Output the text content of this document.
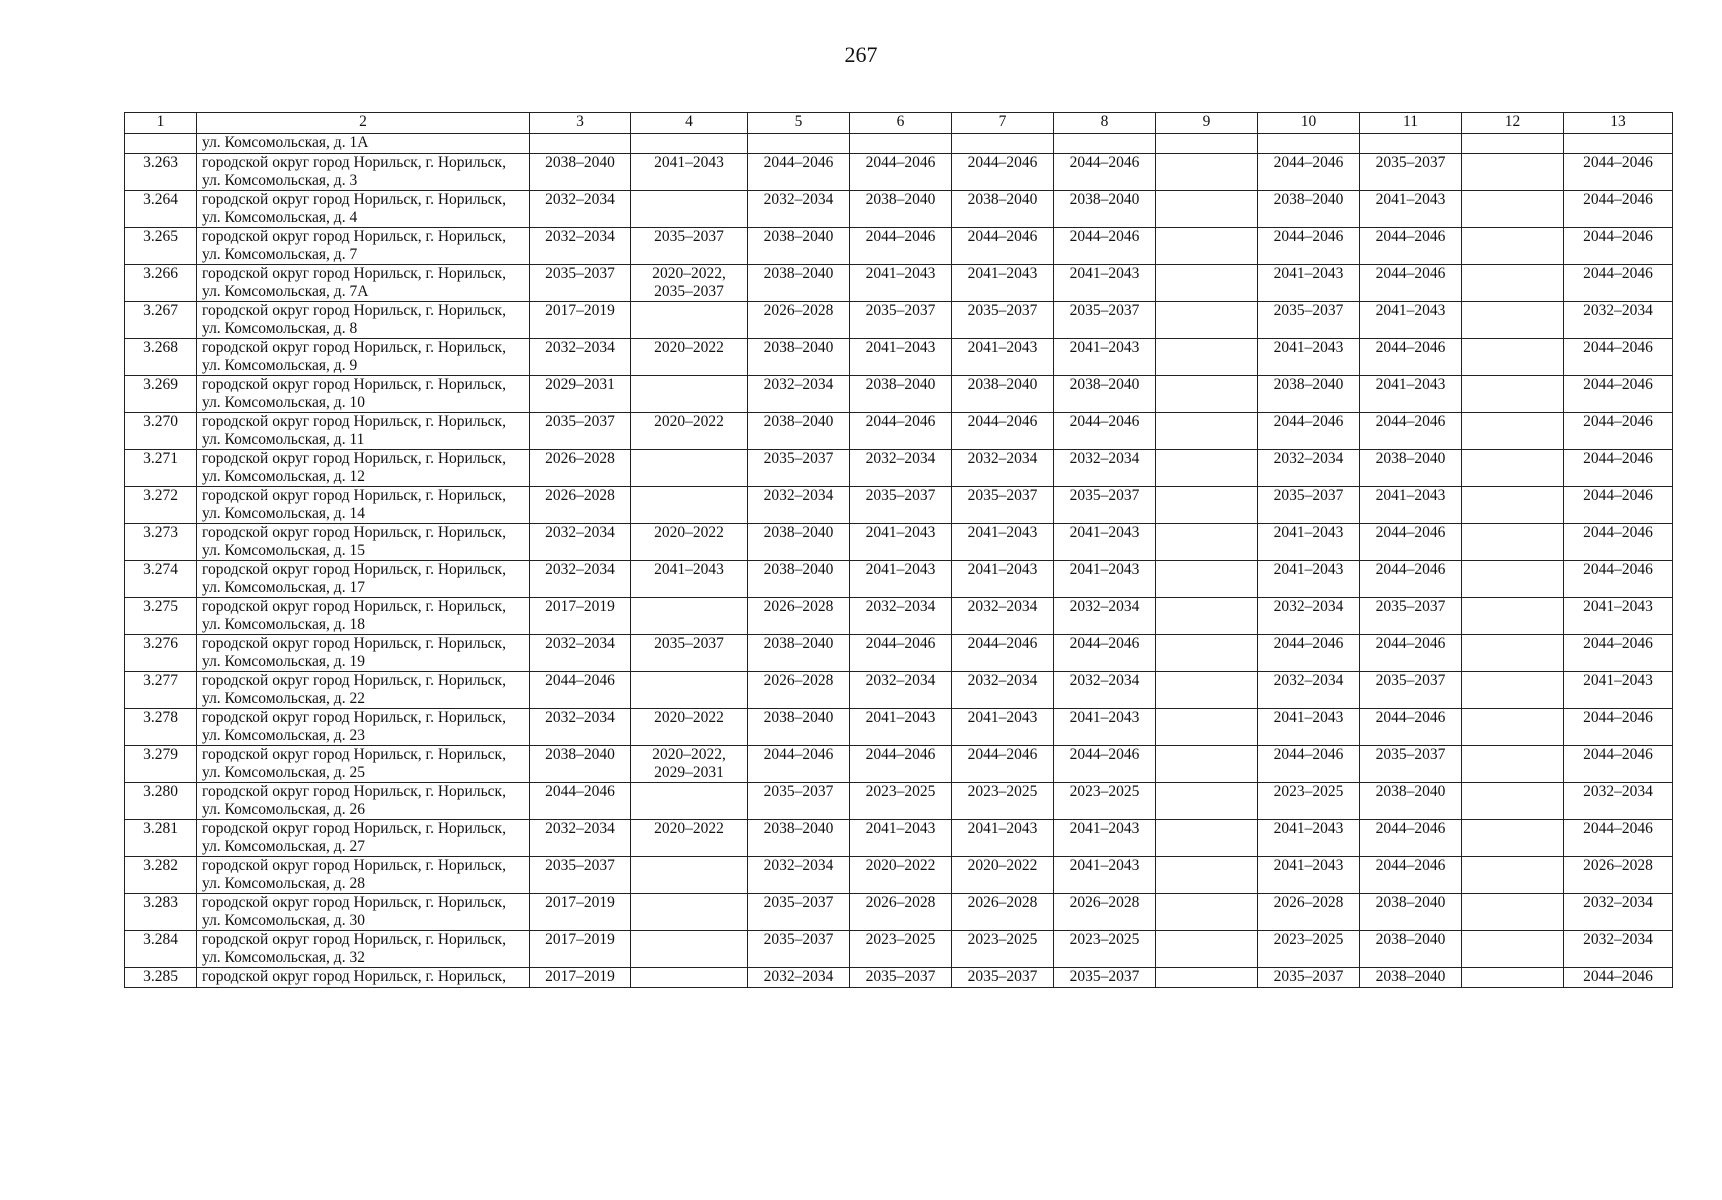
267
1	2	3	4	5	6	7	8	9	10	11	12	13

	ул. Комсомольская, д. 1А											

3.263	городской округ город Норильск, г. Норильск,
ул. Комсомольская, д. 3	2038–2040	2041–2043	2044–2046	2044–2046	2044–2046	2044–2046		2044–2046	2035–2037		2044–2046

3.264	городской округ город Норильск, г. Норильск,
ул. Комсомольская, д. 4	2032–2034		2032–2034	2038–2040	2038–2040	2038–2040		2038–2040	2041–2043		2044–2046

3.265	городской округ город Норильск, г. Норильск,
ул. Комсомольская, д. 7	2032–2034	2035–2037	2038–2040	2044–2046	2044–2046	2044–2046		2044–2046	2044–2046		2044–2046

3.266	городской округ город Норильск, г. Норильск,
ул. Комсомольская, д. 7А	2035–2037	2020–2022,
2035–2037	2038–2040	2041–2043	2041–2043	2041–2043		2041–2043	2044–2046		2044–2046

3.267	городской округ город Норильск, г. Норильск,
ул. Комсомольская, д. 8	2017–2019		2026–2028	2035–2037	2035–2037	2035–2037		2035–2037	2041–2043		2032–2034

3.268	городской округ город Норильск, г. Норильск,
ул. Комсомольская, д. 9	2032–2034	2020–2022	2038–2040	2041–2043	2041–2043	2041–2043		2041–2043	2044–2046		2044–2046

3.269	городской округ город Норильск, г. Норильск,
ул. Комсомольская, д. 10	2029–2031		2032–2034	2038–2040	2038–2040	2038–2040		2038–2040	2041–2043		2044–2046

3.270	городской округ город Норильск, г. Норильск,
ул. Комсомольская, д. 11	2035–2037	2020–2022	2038–2040	2044–2046	2044–2046	2044–2046		2044–2046	2044–2046		2044–2046

3.271	городской округ город Норильск, г. Норильск,
ул. Комсомольская, д. 12	2026–2028		2035–2037	2032–2034	2032–2034	2032–2034		2032–2034	2038–2040		2044–2046

3.272	городской округ город Норильск, г. Норильск,
ул. Комсомольская, д. 14	2026–2028		2032–2034	2035–2037	2035–2037	2035–2037		2035–2037	2041–2043		2044–2046

3.273	городской округ город Норильск, г. Норильск,
ул. Комсомольская, д. 15	2032–2034	2020–2022	2038–2040	2041–2043	2041–2043	2041–2043		2041–2043	2044–2046		2044–2046

3.274	городской округ город Норильск, г. Норильск,
ул. Комсомольская, д. 17	2032–2034	2041–2043	2038–2040	2041–2043	2041–2043	2041–2043		2041–2043	2044–2046		2044–2046

3.275	городской округ город Норильск, г. Норильск,
ул. Комсомольская, д. 18	2017–2019		2026–2028	2032–2034	2032–2034	2032–2034		2032–2034	2035–2037		2041–2043

3.276	городской округ город Норильск, г. Норильск,
ул. Комсомольская, д. 19	2032–2034	2035–2037	2038–2040	2044–2046	2044–2046	2044–2046		2044–2046	2044–2046		2044–2046

3.277	городской округ город Норильск, г. Норильск,
ул. Комсомольская, д. 22	2044–2046		2026–2028	2032–2034	2032–2034	2032–2034		2032–2034	2035–2037		2041–2043

3.278	городской округ город Норильск, г. Норильск,
ул. Комсомольская, д. 23	2032–2034	2020–2022	2038–2040	2041–2043	2041–2043	2041–2043		2041–2043	2044–2046		2044–2046

3.279	городской округ город Норильск, г. Норильск,
ул. Комсомольская, д. 25	2038–2040	2020–2022,
2029–2031	2044–2046	2044–2046	2044–2046	2044–2046		2044–2046	2035–2037		2044–2046

3.280	городской округ город Норильск, г. Норильск,
ул. Комсомольская, д. 26	2044–2046		2035–2037	2023–2025	2023–2025	2023–2025		2023–2025	2038–2040		2032–2034

3.281	городской округ город Норильск, г. Норильск,
ул. Комсомольская, д. 27	2032–2034	2020–2022	2038–2040	2041–2043	2041–2043	2041–2043		2041–2043	2044–2046		2044–2046

3.282	городской округ город Норильск, г. Норильск,
ул. Комсомольская, д. 28	2035–2037		2032–2034	2020–2022	2020–2022	2041–2043		2041–2043	2044–2046		2026–2028

3.283	городской округ город Норильск, г. Норильск,
ул. Комсомольская, д. 30	2017–2019		2035–2037	2026–2028	2026–2028	2026–2028		2026–2028	2038–2040		2032–2034

3.284	городской округ город Норильск, г. Норильск,
ул. Комсомольская, д. 32	2017–2019		2035–2037	2023–2025	2023–2025	2023–2025		2023–2025	2038–2040		2032–2034

3.285	городской округ город Норильск, г. Норильск,	2017–2019		2032–2034	2035–2037	2035–2037	2035–2037		2035–2037	2038–2040		2044–2046
